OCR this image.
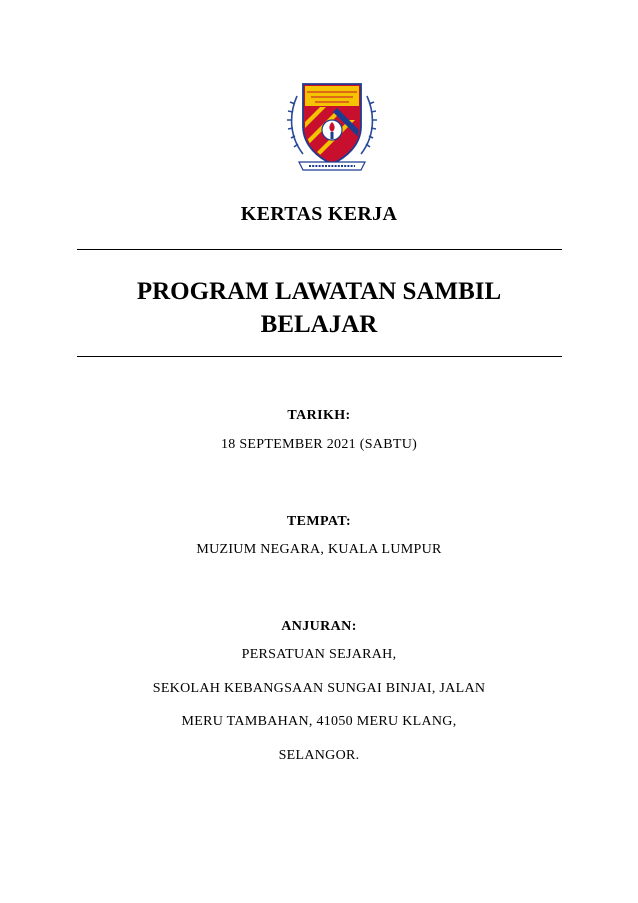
KERTAS KERJA
PROGRAM LAWATAN SAMBIL
BELAJAR
TARIKH:
18 SEPTEMBER 2021 (SABTU)
TEMPAT:
MUZIUM NEGARA, KUALA LUMPUR
ANJURAN:
PERSATUAN SEJARAH,
SEKOLAH KEBANGSAAN SUNGAI BINJAI, JALAN
MERU TAMBAHAN, 41050 MERU KLANG,
SELANGOR.
